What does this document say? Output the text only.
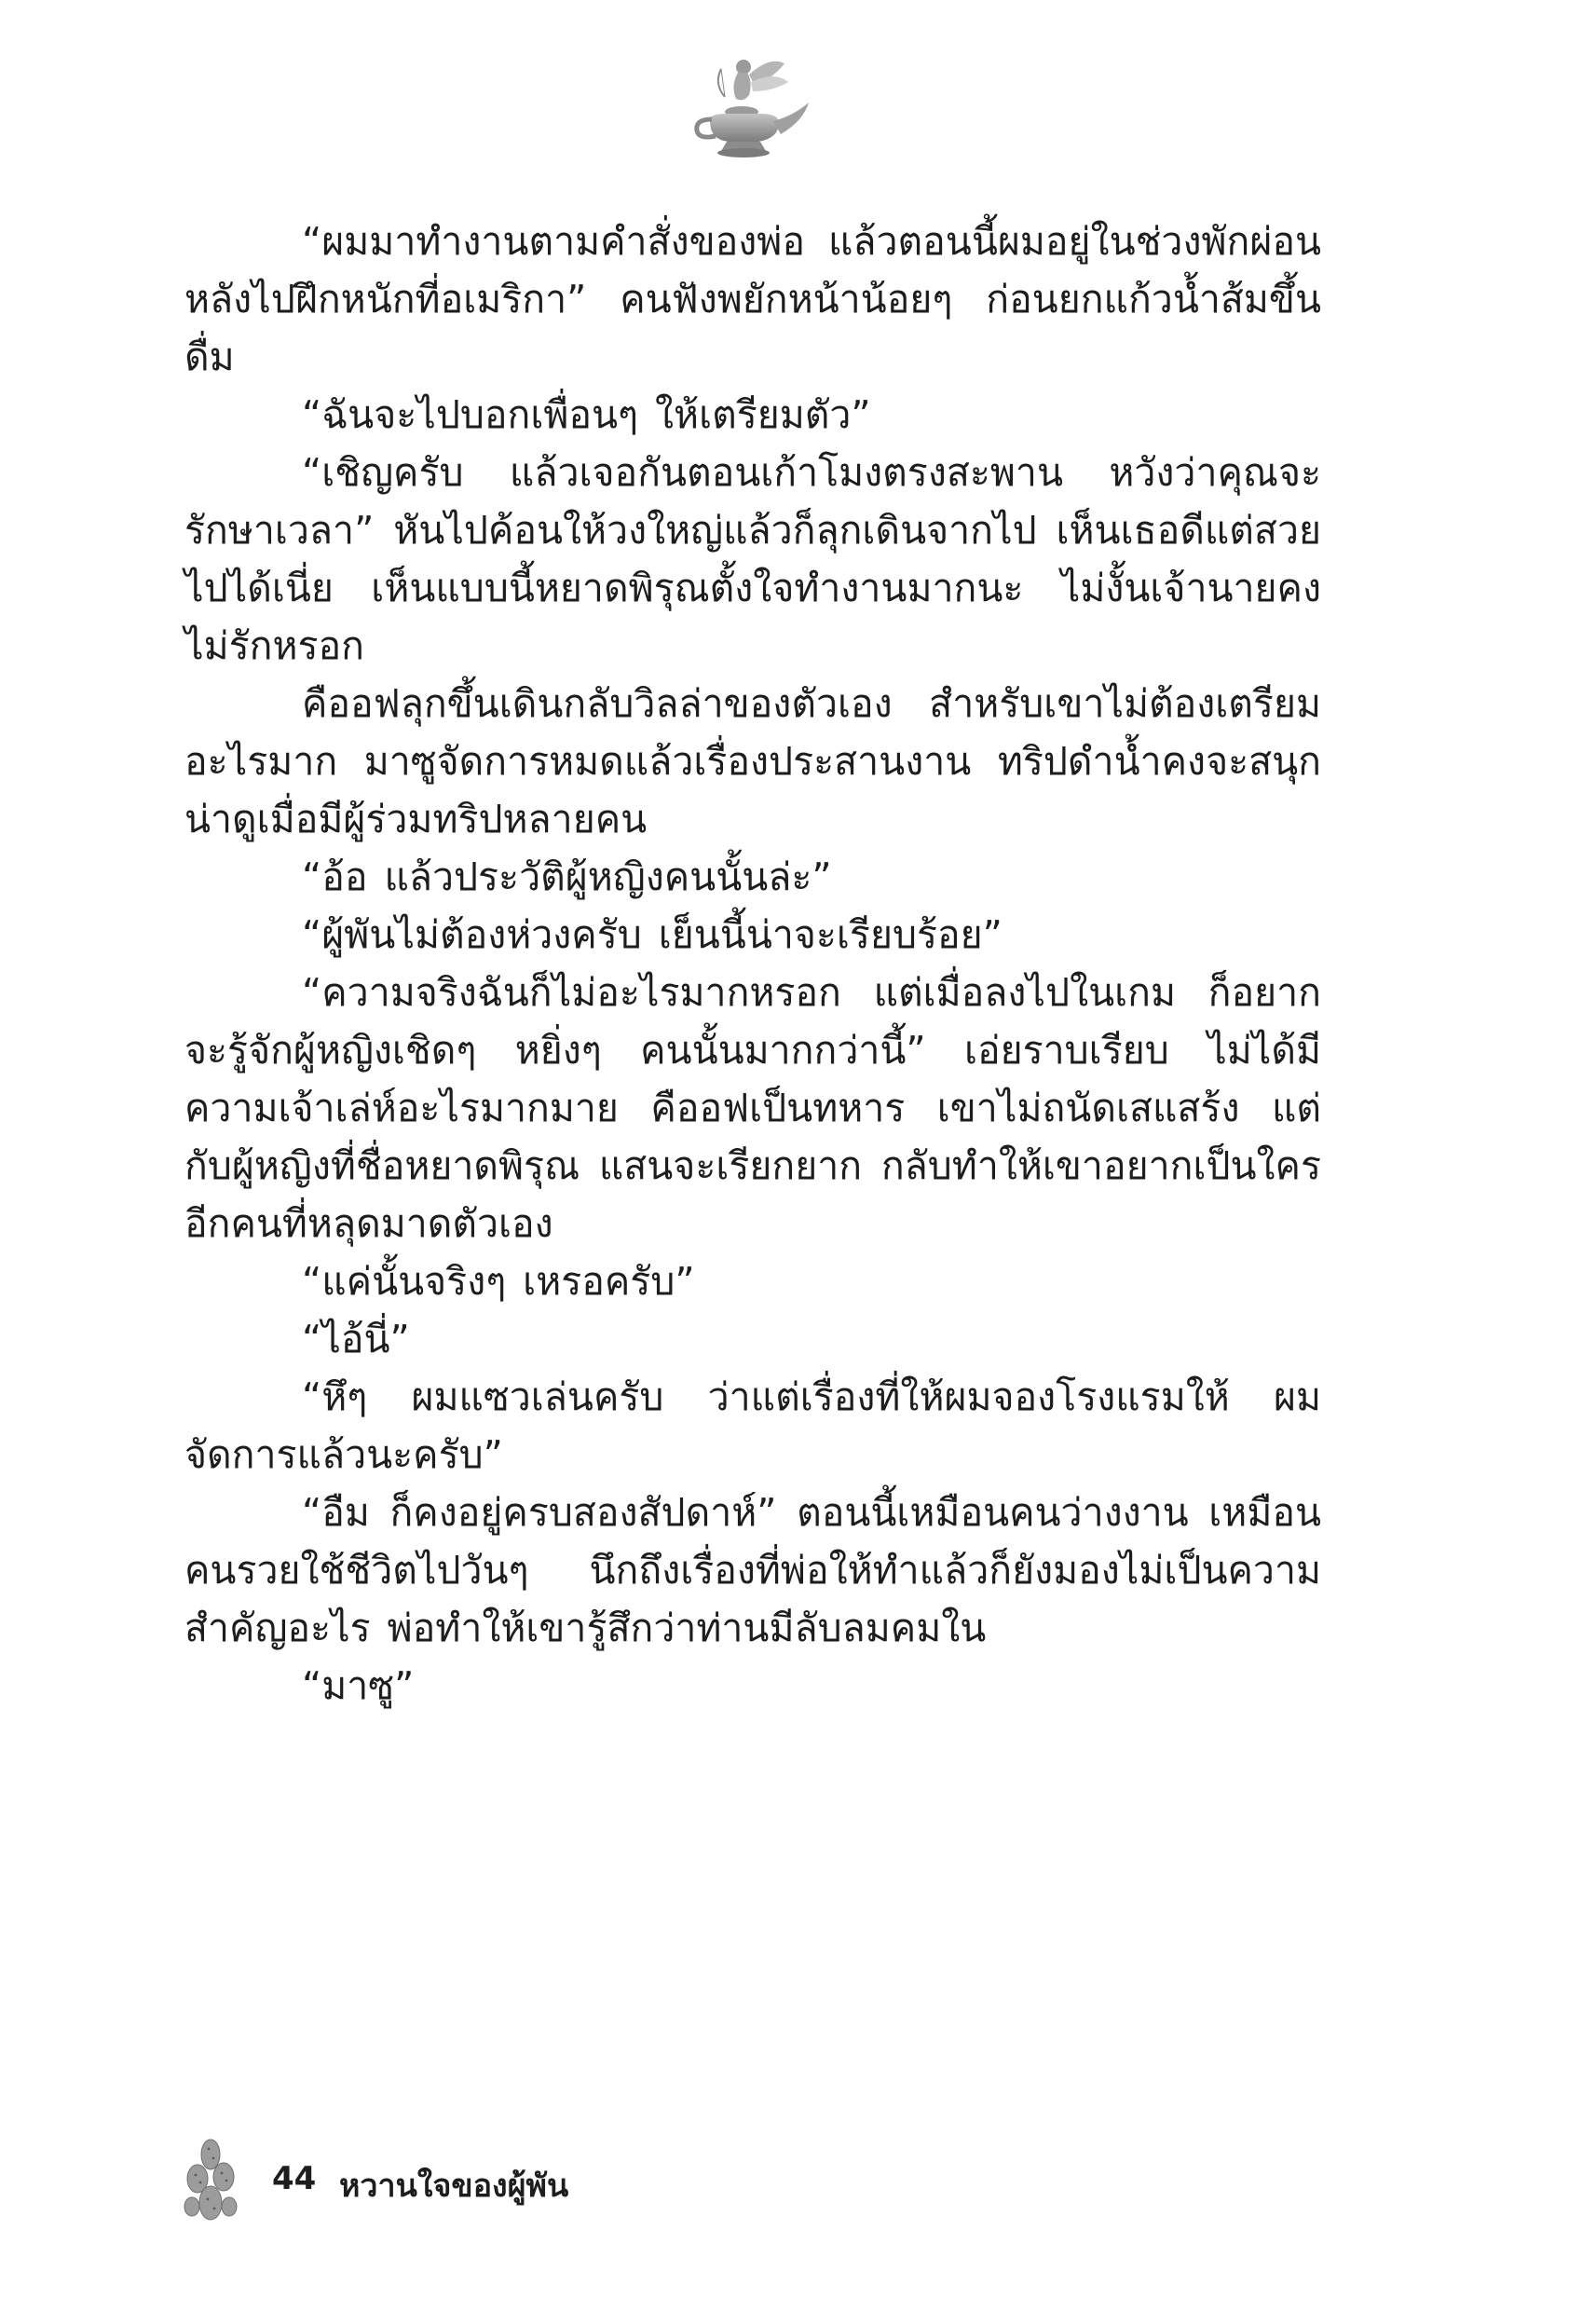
“ผมมาทำงานตามคำสั่งของพ่อ แล้วตอนนี้ผมอยู่ในช่วงพักผ่อนหลังไปฝึกหนักที่อเมริกา” คนฟังพยักหน้าน้อยๆ ก่อนยกแก้วน้ำส้มขึ้นดื่ม

“ฉันจะไปบอกเพื่อนๆ ให้เตรียมตัว”

“เชิญครับ แล้วเจอกันตอนเก้าโมงตรงสะพาน หวังว่าคุณจะรักษาเวลา” หันไปค้อนให้วงใหญ่แล้วก็ลุกเดินจากไป เห็นเธอดีแต่สวยไปได้เนี่ย เห็นแบบนี้หยาดพิรุณตั้งใจทำงานมากนะ ไม่งั้นเจ้านายคงไม่รักหรอก

คืออฟลุกขึ้นเดินกลับวิลล่าของตัวเอง สำหรับเขาไม่ต้องเตรียมอะไรมาก มาซูจัดการหมดแล้วเรื่องประสานงาน ทริปดำน้ำคงจะสนุกน่าดูเมื่อมีผู้ร่วมทริปหลายคน

“อ้อ แล้วประวัติผู้หญิงคนนั้นล่ะ”

“ผู้พันไม่ต้องห่วงครับ เย็นนี้น่าจะเรียบร้อย”

“ความจริงฉันก็ไม่อะไรมากหรอก แต่เมื่อลงไปในเกม ก็อยากจะรู้จักผู้หญิงเชิดๆ หยิ่งๆ คนนั้นมากกว่านี้” เอ่ยราบเรียบ ไม่ได้มีความเจ้าเล่ห์อะไรมากมาย คืออฟเป็นทหาร เขาไม่ถนัดเสแสร้ง แต่กับผู้หญิงที่ชื่อหยาดพิรุณ แสนจะเรียกยาก กลับทำให้เขาอยากเป็นใครอีกคนที่หลุดมาดตัวเอง

“แค่นั้นจริงๆ เหรอครับ”

“ไอ้นี่”

“หึๆ ผมแซวเล่นครับ ว่าแต่เรื่องที่ให้ผมจองโรงแรมให้ ผมจัดการแล้วนะครับ”

“อืม ก็คงอยู่ครบสองสัปดาห์” ตอนนี้เหมือนคนว่างงาน เหมือนคนรวยใช้ชีวิตไปวันๆ นึกถึงเรื่องที่พ่อให้ทำแล้วก็ยังมองไม่เป็นความสำคัญอะไร พ่อทำให้เขารู้สึกว่าท่านมีลับลมคมใน

“มาซู”

44 หวานใจของผู้พัน
